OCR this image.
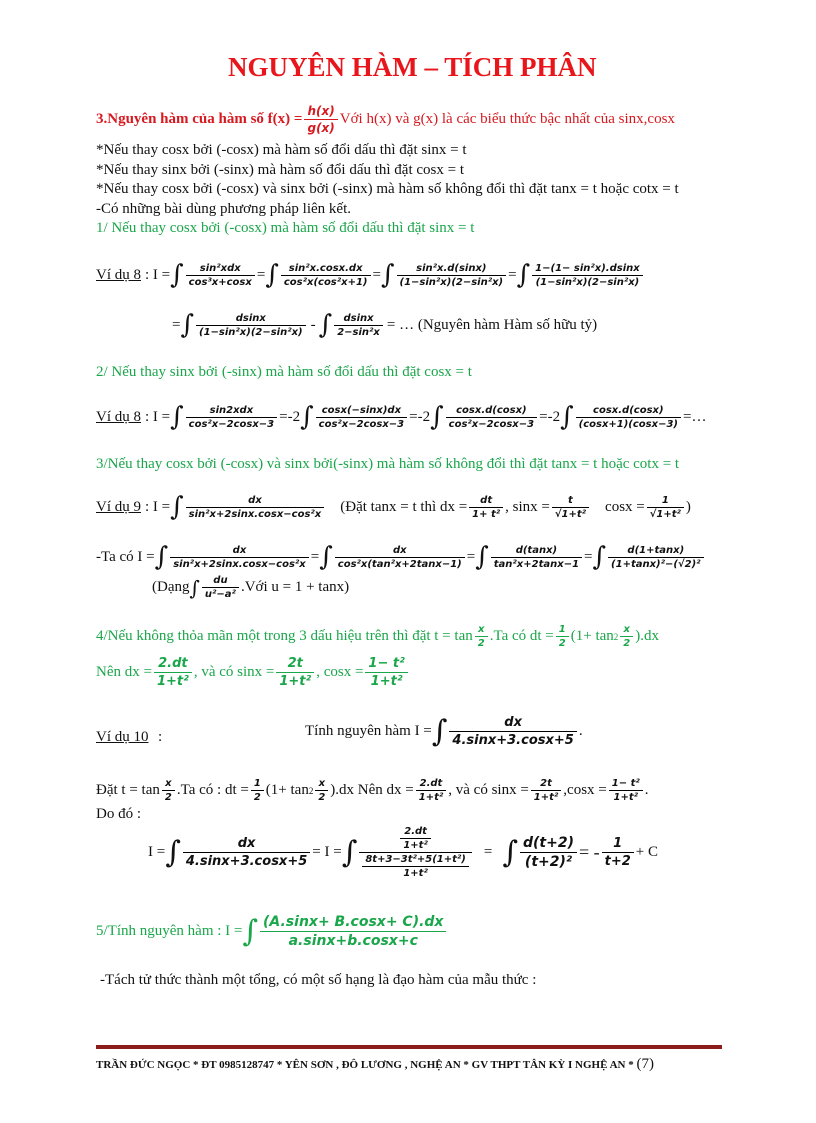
NGUYÊN HÀM – TÍCH PHÂN
3.Nguyên hàm của hàm số $f(x) = \frac{h(x)}{g(x)}$ Với h(x) và g(x) là các biểu thức bậc nhất của sinx,cosx
*Nếu thay cosx bởi (-cosx) mà hàm số đổi dấu thì đặt sinx = t
*Nếu thay sinx bởi (-sinx) mà hàm số đổi dấu thì đặt cosx = t
*Nếu thay cosx bởi (-cosx) và sinx bởi (-sinx) mà hàm số không đổi thì đặt tanx = t hoặc cotx = t
-Có những bài dùng phương pháp liên kết.
1/ Nếu thay cosx bởi (-cosx) mà hàm số đổi dấu thì đặt sinx = t
Ví dụ 8 : I = ∫ $\frac{\text{sin²xdx}}{\text{cos³x+cosx}}$ = ∫ $\frac{\text{sin²x.cosx.dx}}{\text{cos²x(cos²x+1)}}$ = ∫ $\frac{\text{sin²x.d(sinx)}}{\text{(1−sin²x)(2−sin²x)}}$ = ∫ $\frac{\text{1−(1− sin²x).dsinx}}{\text{(1−sin²x)(2−sin²x)}}$
= ∫ $\frac{dsinx}{\text{(1−sin²x)(2−sin²x)}}$ - ∫ $\frac{dsinx}{\text{2−sin²x}}$ = … (Nguyên hàm Hàm số hữu tỷ)
2/ Nếu thay sinx bởi (-sinx) mà hàm số đổi dấu thì đặt cosx = t
Ví dụ 8 : I = ∫ $\frac{\text{sin2xdx}}{\text{cos²x−2cosx−3}} = -2$ ∫ $\frac{\cos x(-\sin x)dx}{\text{cos²x−2cosx−3}} = -2$ ∫ $\frac{\cos x.d(\cos x)}{\text{cos²x−2cosx−3}} = -2$ ∫ $\frac{\cos x.d(\cos x)}{(\cos x+1)(\cos x-3)}$ =…
3/Nếu thay cosx bởi (-cosx) và sinx bởi(-sinx) mà hàm số không đổi thì đặt tanx = t hoặc cotx = t
Ví dụ 9 : I = ∫ $\frac{dx}{\text{sin²x+2sinx.cosx−cos²x}}$ (Đặt tanx = t thì dx = $\frac{dt}{\text{1+ t²}}$ , $\sin x = \frac{t}{\text{√1+t²}}$ $\cos x = \frac{1}{\text{√1+t²}}$ )
-Ta có I = ∫ $\frac{dx}{\text{sin²x+2sinx.cosx−cos²x}}$ = ∫ $\frac{dx}{\text{cos²x(tan²x+2tanx−1)}}$ = ∫ $\frac{d(\tan x)}{\text{tan²x+2tanx−1}}$ = ∫ $\frac{d(1+\tan x)}{\text{(1+tanx)²−(√2)²}}$
(Dạng ∫ $\frac{du}{\text{u²−a²}}$ .Với u = 1 + tanx)
4/Nếu không thỏa mãn một trong 3 dấu hiệu trên thì đặt $t = \tan \frac{x}{2} .Ta$ có dt = $\frac{1}{2} (1+ \tan 2 \frac{x}{2} ).dx$
Nên dx = $\frac{2.dt}{\text{1+t²}}$ , và có $\sin x = \frac{2t}{\text{1+t²}}$ , $\cos x = \frac{\text{1− t²}}{\text{1+t²}}$
Ví dụ 10 :	Tính nguyên hàm I = ∫ $\frac{dx}{4.\sin x+3.\cos x+5}$ .
Đặt $t = \tan \frac{x}{2} .Ta$ có : dt = $\frac{1}{2} (1+ \tan 2 \frac{x}{2} ).dx$ Nên dx = $\frac{2.dt}{\text{1+t²}}$ , và có $\sin x = \frac{2t}{\text{1+t²}} ,\cos x = \frac{\text{1− t²}}{\text{1+t²}}$ .
Do đó :
I = ∫ $\frac{dx}{4.\sin x+3.\cos x+5} = I$ = ∫ $\frac{\frac{2.dt}{\text{1+t²}}}{\frac{\text{8t+3−3t²+5(1+t²)}}{\text{1+t²}}}$ = ∫ $\frac{d(t+2)}{\text{(t+2)²}}$ = - $\frac{1}{t+2} + C$
5/Tính nguyên hàm : I = ∫ $\frac{(A.\sin x+ B.\cos x+ C).dx}{a.\sin x+b.\cos x+c}$
-Tách tử thức thành một tổng, có một số hạng là đạo hàm của mẫu thức :
TRẦN ĐỨC NGỌC * ĐT 0985128747 * YÊN SƠN , ĐÔ LƯƠNG , NGHỆ AN * GV THPT TÂN KỲ I NGHỆ AN * (7)
